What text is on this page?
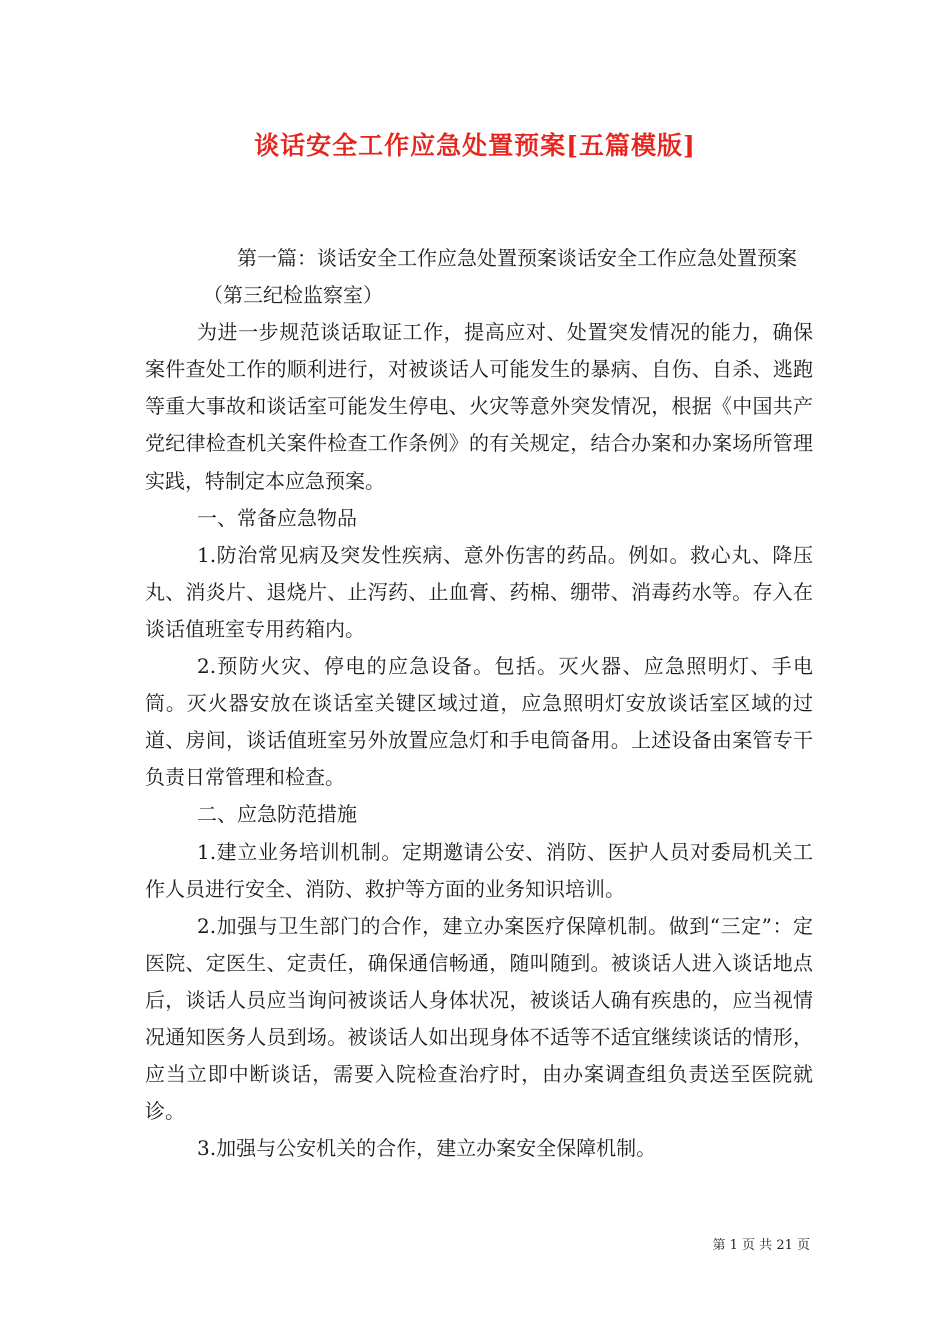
谈话安全工作应急处置预案[五篇模版]

第一篇：谈话安全工作应急处置预案谈话安全工作应急处置预案

（第三纪检监察室）

为进一步规范谈话取证工作，提高应对、处置突发情况的能力，确保案件查处工作的顺利进行，对被谈话人可能发生的暴病、自伤、自杀、逃跑等重大事故和谈话室可能发生停电、火灾等意外突发情况，根据《中国共产党纪律检查机关案件检查工作条例》的有关规定，结合办案和办案场所管理实践，特制定本应急预案。

一、常备应急物品

1.防治常见病及突发性疾病、意外伤害的药品。例如。救心丸、降压丸、消炎片、退烧片、止泻药、止血膏、药棉、绷带、消毒药水等。存入在谈话值班室专用药箱内。

2.预防火灾、停电的应急设备。包括。灭火器、应急照明灯、手电筒。灭火器安放在谈话室关键区域过道，应急照明灯安放谈话室区域的过道、房间，谈话值班室另外放置应急灯和手电筒备用。上述设备由案管专干负责日常管理和检查。

二、应急防范措施

1.建立业务培训机制。定期邀请公安、消防、医护人员对委局机关工作人员进行安全、消防、救护等方面的业务知识培训。

2.加强与卫生部门的合作，建立办案医疗保障机制。做到“三定”：定医院、定医生、定责任，确保通信畅通，随叫随到。被谈话人进入谈话地点后，谈话人员应当询问被谈话人身体状况，被谈话人确有疾患的，应当视情况通知医务人员到场。被谈话人如出现身体不适等不适宜继续谈话的情形，应当立即中断谈话，需要入院检查治疗时，由办案调查组负责送至医院就诊。

3.加强与公安机关的合作，建立办案安全保障机制。

第 1 页 共 21 页
